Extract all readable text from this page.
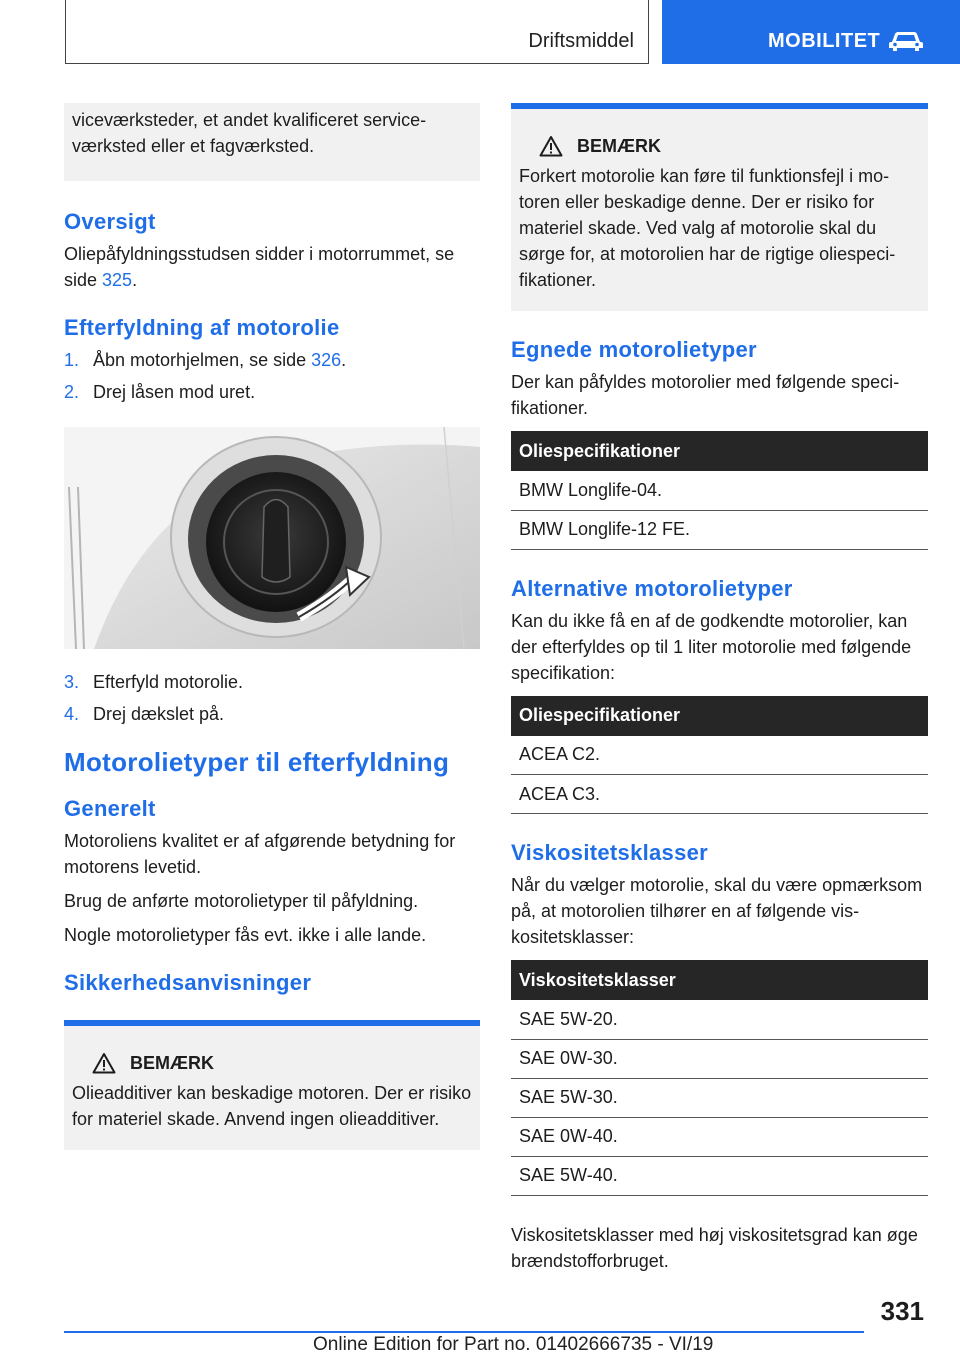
Driftsmiddel	MOBILITET

viceværksteder, et andet kvalificeret serviceværksted eller et fagværksted.

Oversigt

Oliepåfyldningsstudsen sidder i motorrummet, se side 325.

Efterfyldning af motorolie
1. Åbn motorhjelmen, se side 326.
2. Drej låsen mod uret.
3. Efterfyld motorolie.
4. Drej dækslet på.
Motorolietyper til efterfyldning
Generelt

Motoroliens kvalitet er af afgørende betydning for motorens levetid.

Brug de anførte motorolietyper til påfyldning.

Nogle motorolietyper fås evt. ikke i alle lande.

Sikkerhedsanvisninger
BEMÆRK

Olieadditiver kan beskadige motoren. Der er risiko for materiel skade. Anvend ingen olieadditiver.

BEMÆRK

Forkert motorolie kan føre til funktionsfejl i motoren eller beskadige denne. Der er risiko for materiel skade. Ved valg af motorolie skal du sørge for, at motorolien har de rigtige oliespecifikationer.

Egnede motorolietyper

Der kan påfyldes motorolier med følgende specifikationer.

Oliespecifikationer
BMW Longlife-04.
BMW Longlife-12 FE.
Alternative motorolietyper

Kan du ikke få en af de godkendte motorolier, kan der efterfyldes op til 1 liter motorolie med følgende specifikation:

Oliespecifikationer
ACEA C2.
ACEA C3.
Viskositetsklasser

Når du vælger motorolie, skal du være opmærksom på, at motorolien tilhører en af følgende viskositetsklasser:

Viskositetsklasser
SAE 5W-20.
SAE 0W-30.
SAE 5W-30.
SAE 0W-40.
SAE 5W-40.

Viskositetsklasser med høj viskositetsgrad kan øge brændstofforbruget.

331
Online Edition for Part no. 01402666735 - VI/19
